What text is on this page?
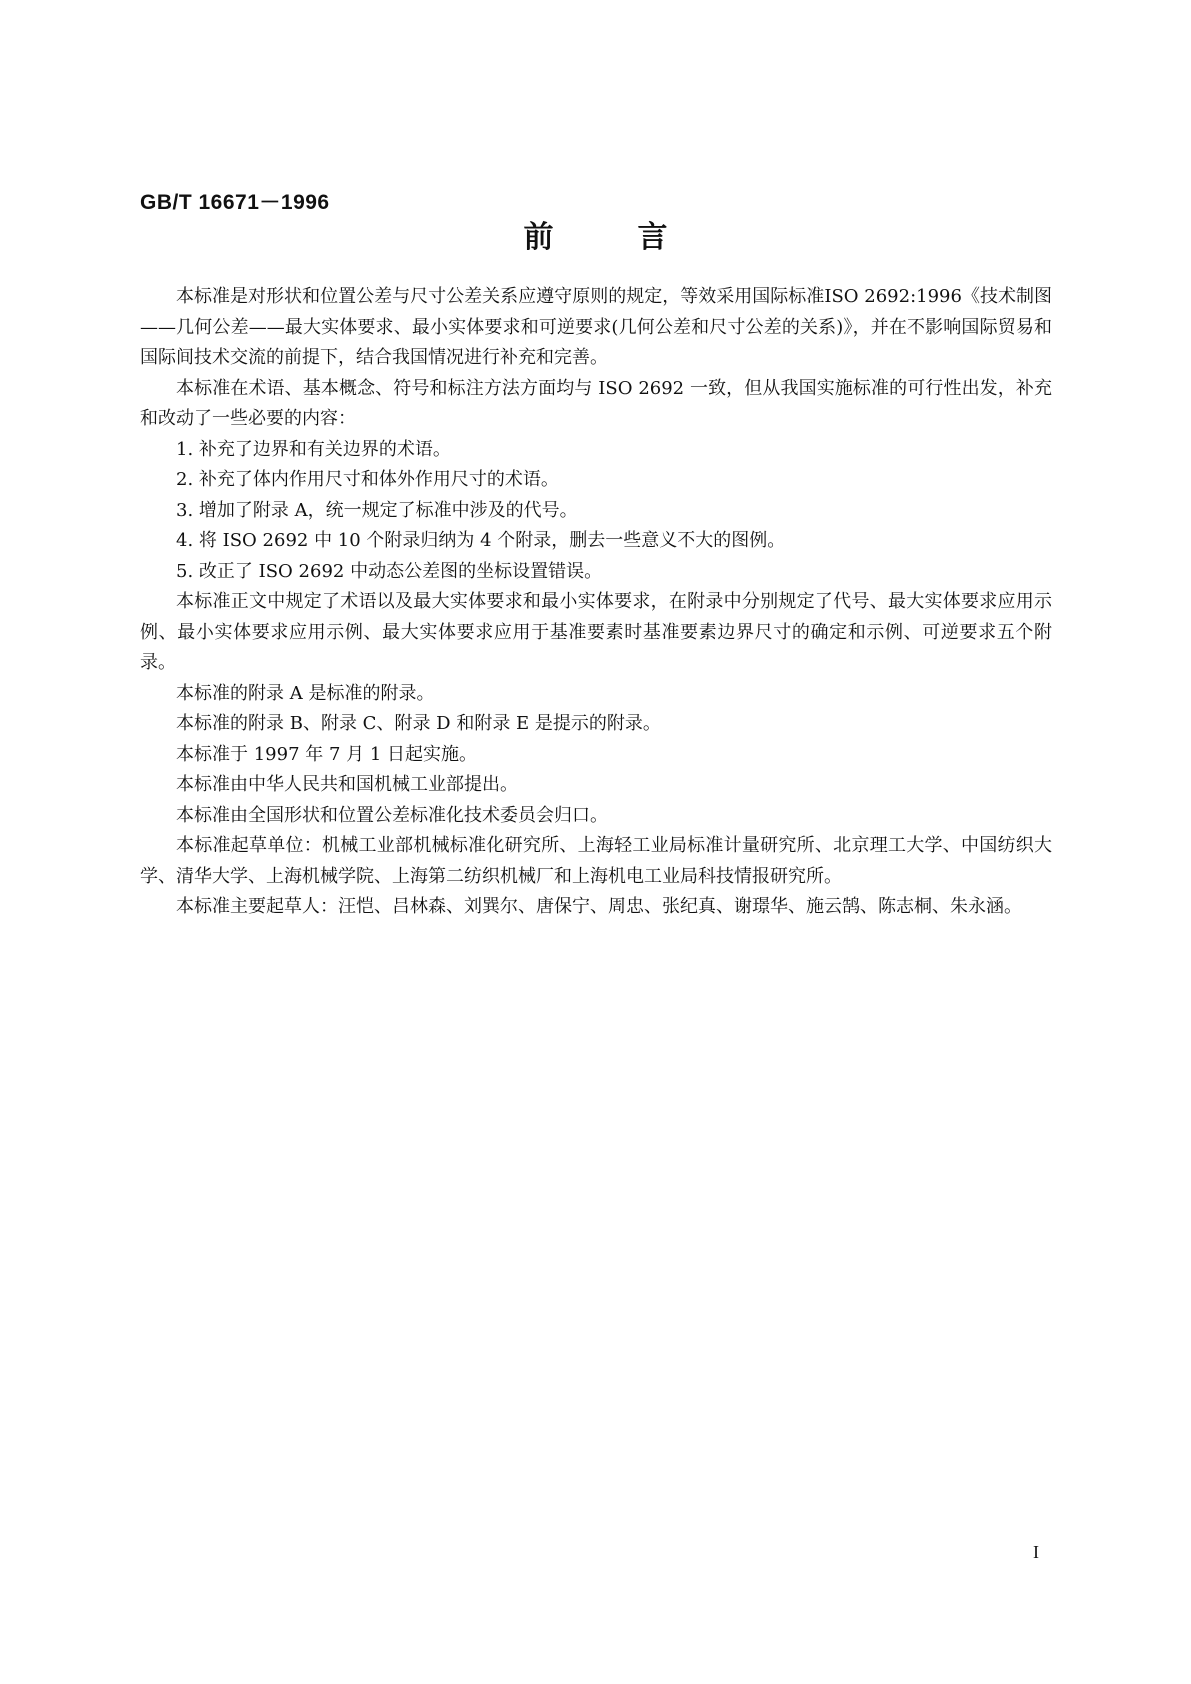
GB/T 16671－1996
前	言

本标准是对形状和位置公差与尺寸公差关系应遵守原则的规定，等效采用国际标准ISO 2692:1996《技术制图——几何公差——最大实体要求、最小实体要求和可逆要求(几何公差和尺寸公差的关系)》，并在不影响国际贸易和国际间技术交流的前提下，结合我国情况进行补充和完善。

本标准在术语、基本概念、符号和标注方法方面均与 ISO 2692 一致，但从我国实施标准的可行性出发，补充和改动了一些必要的内容：

1. 补充了边界和有关边界的术语。

2. 补充了体内作用尺寸和体外作用尺寸的术语。

3. 增加了附录 A，统一规定了标准中涉及的代号。

4. 将 ISO 2692 中 10 个附录归纳为 4 个附录，删去一些意义不大的图例。

5. 改正了 ISO 2692 中动态公差图的坐标设置错误。

本标准正文中规定了术语以及最大实体要求和最小实体要求，在附录中分别规定了代号、最大实体要求应用示例、最小实体要求应用示例、最大实体要求应用于基准要素时基准要素边界尺寸的确定和示例、可逆要求五个附录。

本标准的附录 A 是标准的附录。

本标准的附录 B、附录 C、附录 D 和附录 E 是提示的附录。

本标准于 1997 年 7 月 1 日起实施。

本标准由中华人民共和国机械工业部提出。

本标准由全国形状和位置公差标准化技术委员会归口。

本标准起草单位：机械工业部机械标准化研究所、上海轻工业局标准计量研究所、北京理工大学、中国纺织大学、清华大学、上海机械学院、上海第二纺织机械厂和上海机电工业局科技情报研究所。

本标准主要起草人：汪恺、吕林森、刘巽尔、唐保宁、周忠、张纪真、谢璟华、施云鹄、陈志桐、朱永涵。

I
